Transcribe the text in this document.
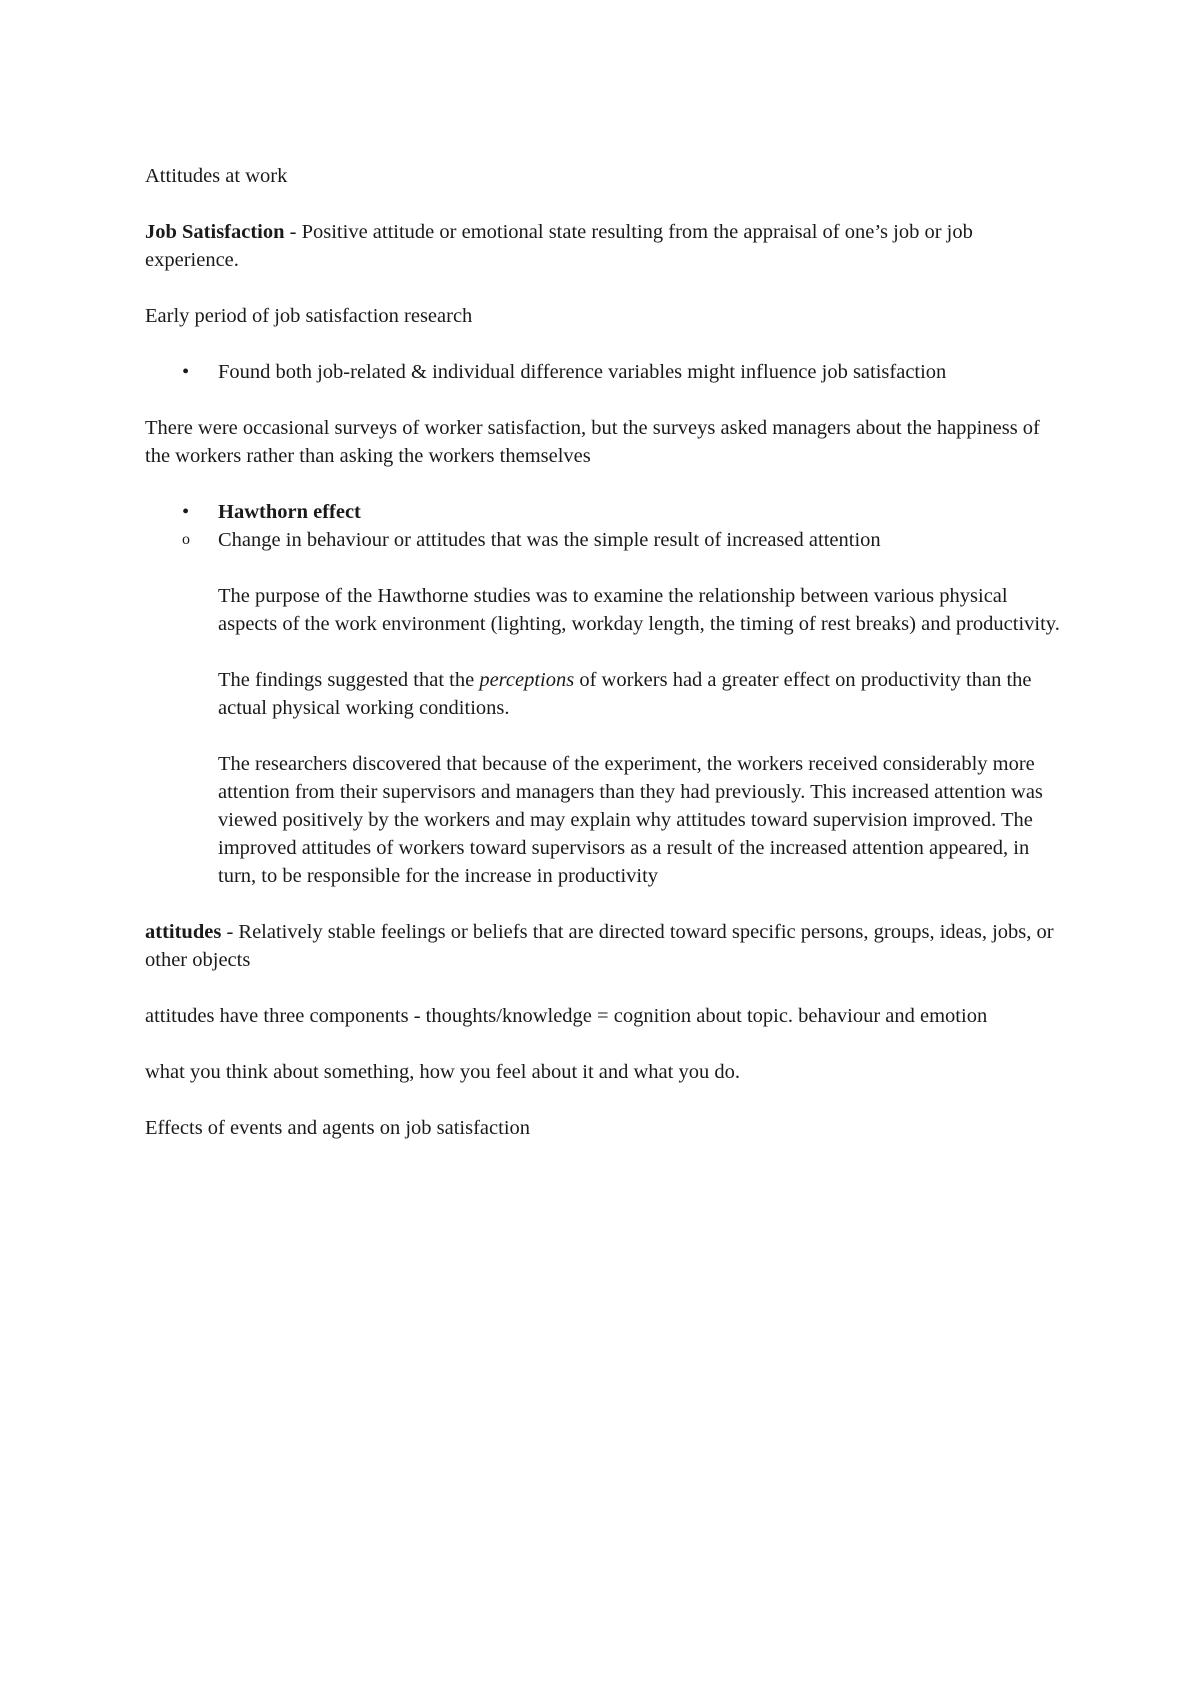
Attitudes at work

Job Satisfaction - Positive attitude or emotional state resulting from the appraisal of one’s job or job experience.

Early period of job satisfaction research

• Found both job-related & individual difference variables might influence job satisfaction

There were occasional surveys of worker satisfaction, but the surveys asked managers about the happiness of the workers rather than asking the workers themselves

• Hawthorn effect
o Change in behaviour or attitudes that was the simple result of increased attention

The purpose of the Hawthorne studies was to examine the relationship between various physical aspects of the work environment (lighting, workday length, the timing of rest breaks) and productivity.

The findings suggested that the perceptions of workers had a greater effect on productivity than the actual physical working conditions.

The researchers discovered that because of the experiment, the workers received considerably more attention from their supervisors and managers than they had previously. This increased attention was viewed positively by the workers and may explain why attitudes toward supervision improved. The improved attitudes of workers toward supervisors as a result of the increased attention appeared, in turn, to be responsible for the increase in productivity

attitudes - Relatively stable feelings or beliefs that are directed toward specific persons, groups, ideas, jobs, or other objects

attitudes have three components - thoughts/knowledge = cognition about topic. behaviour and emotion

what you think about something, how you feel about it and what you do.

Effects of events and agents on job satisfaction
